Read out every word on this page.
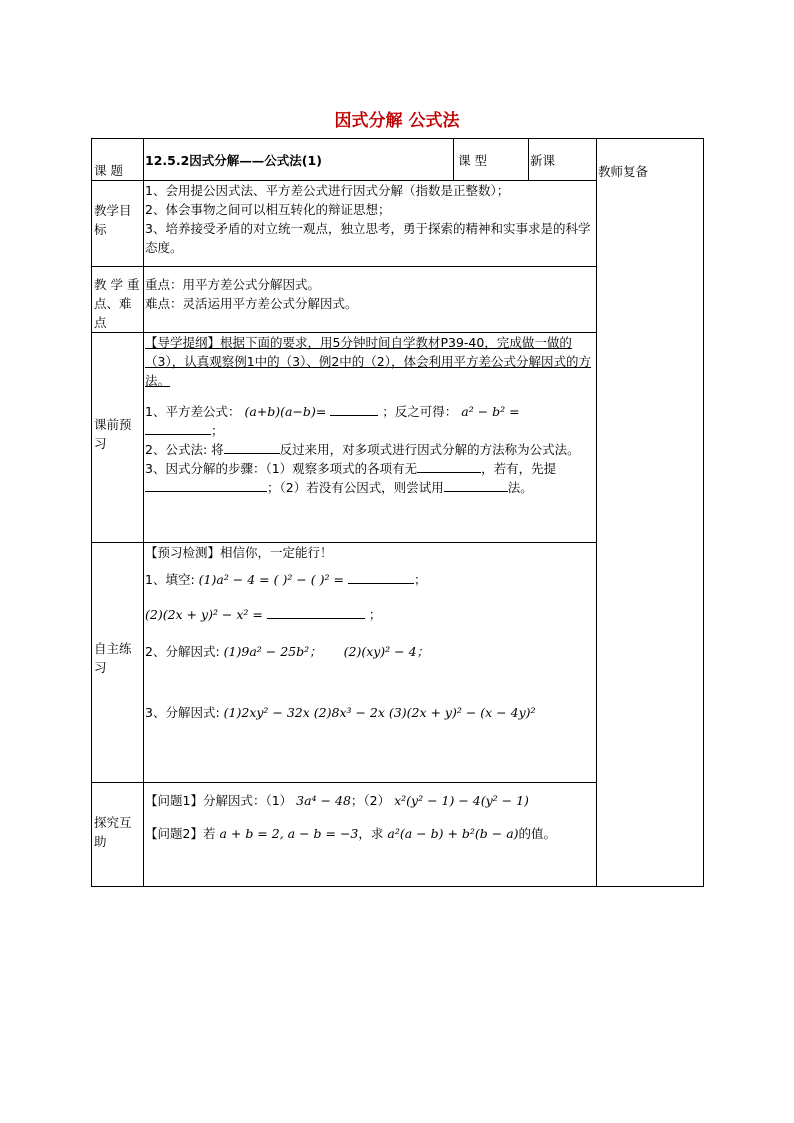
因式分解 公式法
课 题	12.5.2因式分解——公式法(1)	课 型	新课	教师复备
教学目标	1、会用提公因式法、平方差公式进行因式分解（指数是正整数）；
2、体会事物之间可以相互转化的辩证思想；
3、培养接受矛盾的对立统一观点，独立思考，勇于探索的精神和实事求是的科学态度。			

教 学 重点、难点	重点：用平方差公式分解因式。
难点：灵活运用平方差公式分解因式。			

课前预习	【导学提纲】根据下面的要求，用5分钟时间自学教材P39-40，完成做一做的（3），认真观察例1中的（3）、例2中的（2），体会利用平方差公式分解因式的方法。
1、平方差公式： (a+b)(a−b)= ；反之可得： a² − b² =
；
2、公式法: 将 反过来用，对多项式进行因式分解的方法称为公式法。
3、因式分解的步骤：（1）观察多项式的各项有无 ，若有，先提；（2）若没有公因式，则尝试用 法。			

自主练习	【预习检测】相信你，一定能行！
1、填空: (1)a² − 4 = ( )² − ( )² = ；
(2)(2x + y)² − x² = ；
2、分解因式: (1)9a² − 25b²； (2)(xy)² − 4；
3、分解因式: (1)2xy² − 32x (2)8x³ − 2x (3)(2x + y)² − (x − 4y)²			

探究互助	【问题1】分解因式：（1） 3a⁴ − 48；（2） x²(y² − 1) − 4(y² − 1)
【问题2】若 a + b = 2, a − b = −3，求 a²(a − b) + b²(b − a)的值。			
